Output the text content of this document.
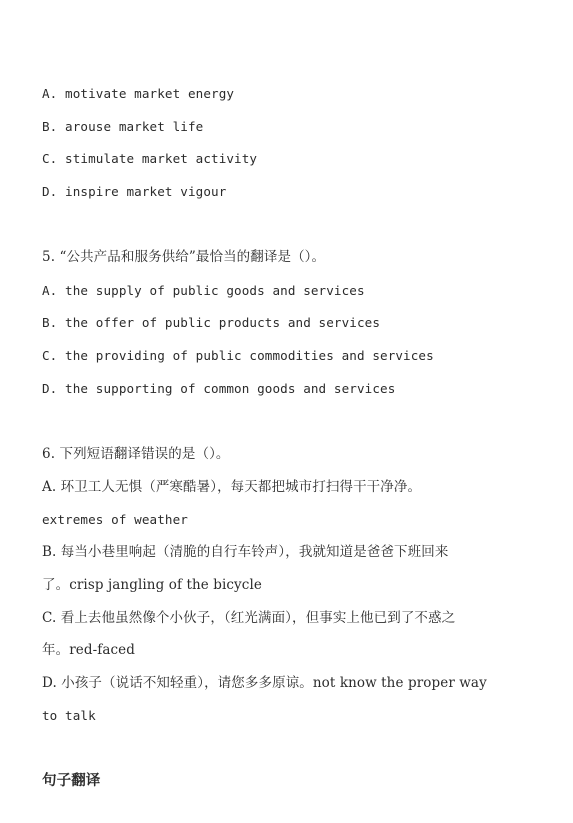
A. motivate market energy
B. arouse market life
C. stimulate market activity
D. inspire market vigour
5. “公共产品和服务供给”最恰当的翻译是（）。
A. the supply of public goods and services
B. the offer of public products and services
C. the providing of public commodities and services
D. the supporting of common goods and services
6. 下列短语翻译错误的是（）。
A. 环卫工人无惧（严寒酷暑），每天都把城市打扫得干干净净。
extremes of weather
B. 每当小巷里响起（清脆的自行车铃声），我就知道是爸爸下班回来
了。crisp jangling of the bicycle
C. 看上去他虽然像个小伙子，（红光满面），但事实上他已到了不惑之
年。red-faced
D. 小孩子（说话不知轻重），请您多多原谅。not know the proper way
to talk
句子翻译
